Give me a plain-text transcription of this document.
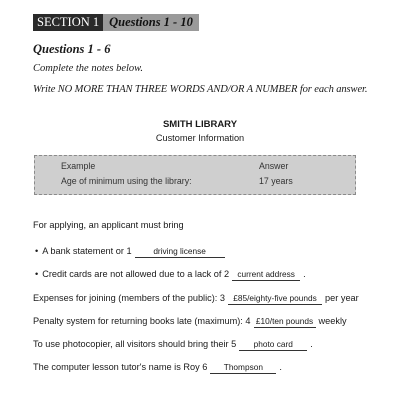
SECTION 1 Questions 1 - 10
Questions 1 - 6
Complete the notes below.
Write NO MORE THAN THREE WORDS AND/OR A NUMBER for each answer.
SMITH LIBRARY
Customer Information
Example	Answer
Age of minimum using the library:	17 years
For applying, an applicant must bring
• A bank statement or 1	driving license
• Credit cards are not allowed due to a lack of 2 current address .
Expenses for joining (members of the public): 3 £85/eighty-five pounds per year
Penalty system for returning books late (maximum): 4 £10/ten pounds weekly
To use photocopier, all visitors should bring their 5	photo card	.
The computer lesson tutor's name is Roy 6	Thompson	.
